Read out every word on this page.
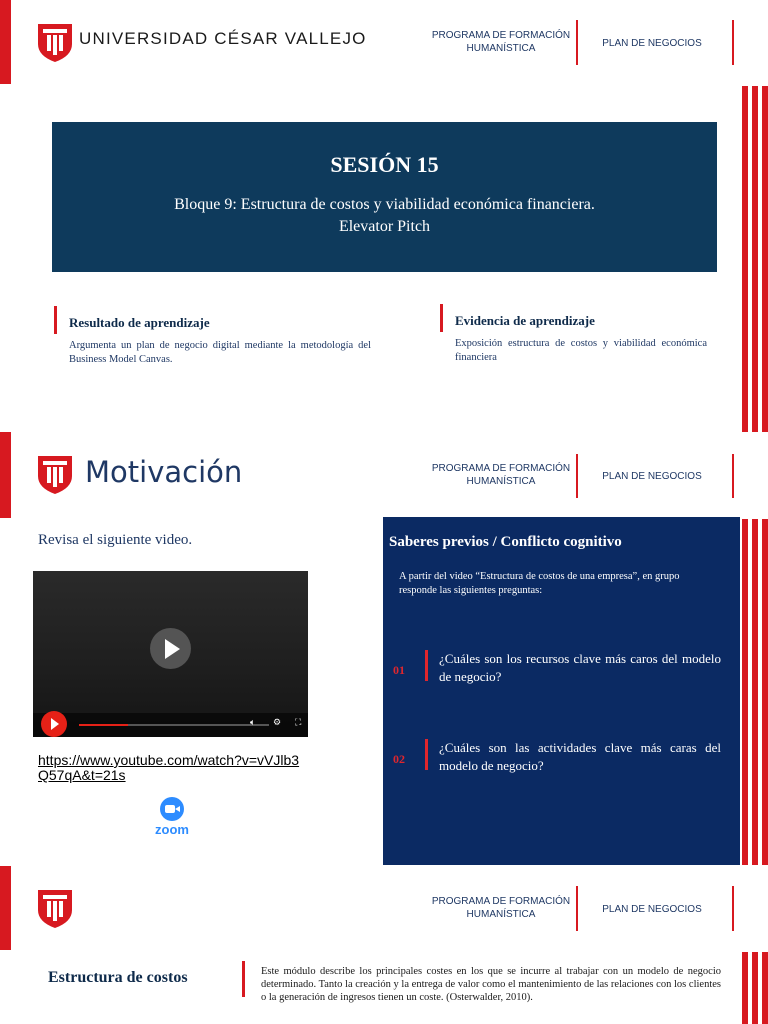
UNIVERSIDAD CÉSAR VALLEJO	PROGRAMA DE FORMACIÓN HUMANÍSTICA	PLAN DE NEGOCIOS
SESIÓN 15
Bloque 9: Estructura de costos y viabilidad económica financiera.
Elevator Pitch
Resultado de aprendizaje
Argumenta un plan de negocio digital mediante la metodología del Business Model Canvas.
Evidencia de aprendizaje
Exposición estructura de costos y viabilidad económica financiera
Motivación	PROGRAMA DE FORMACIÓN HUMANÍSTICA	PLAN DE NEGOCIOS
Revisa el siguiente video.
🔈︎ ⚙︎ ⛶
https://www.youtube.com/watch?v=vVJlb3Q57qA&t=21s
zoom
Saberes previos / Conflicto cognitivo
A partir del video “Estructura de costos de una empresa”, en grupo responde las siguientes preguntas:
01
¿Cuáles son los recursos clave más caros del modelo de negocio?
02
¿Cuáles son las actividades clave más caras del modelo de negocio?
PROGRAMA DE FORMACIÓN HUMANÍSTICA	PLAN DE NEGOCIOS
Estructura de costos	Este módulo describe los principales costes en los que se incurre al trabajar con un modelo de negocio determinado. Tanto la creación y la entrega de valor como el mantenimiento de las relaciones con los clientes o la generación de ingresos tienen un coste. (Osterwalder, 2010).
